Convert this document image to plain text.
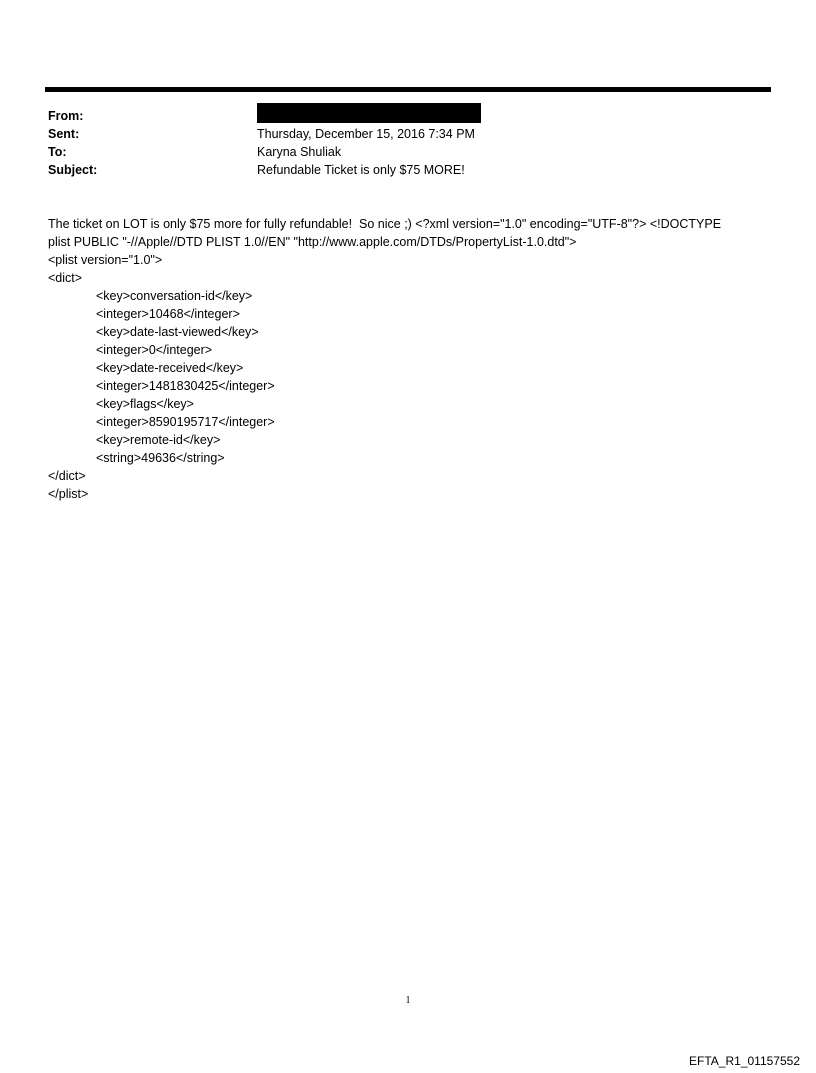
From:
Sent:	Thursday, December 15, 2016 7:34 PM
To:	Karyna Shuliak
Subject:	Refundable Ticket is only $75 MORE!
The ticket on LOT is only $75 more for fully refundable!  So nice ;) <?xml version="1.0" encoding="UTF-8"?> <!DOCTYPE
plist PUBLIC "-//Apple//DTD PLIST 1.0//EN" "http://www.apple.com/DTDs/PropertyList-1.0.dtd">
<plist version="1.0">
<dict>
<key>conversation-id</key>
<integer>10468</integer>
<key>date-last-viewed</key>
<integer>0</integer>
<key>date-received</key>
<integer>1481830425</integer>
<key>flags</key>
<integer>8590195717</integer>
<key>remote-id</key>
<string>49636</string>
</dict>
</plist>
1
EFTA_R1_01157552
